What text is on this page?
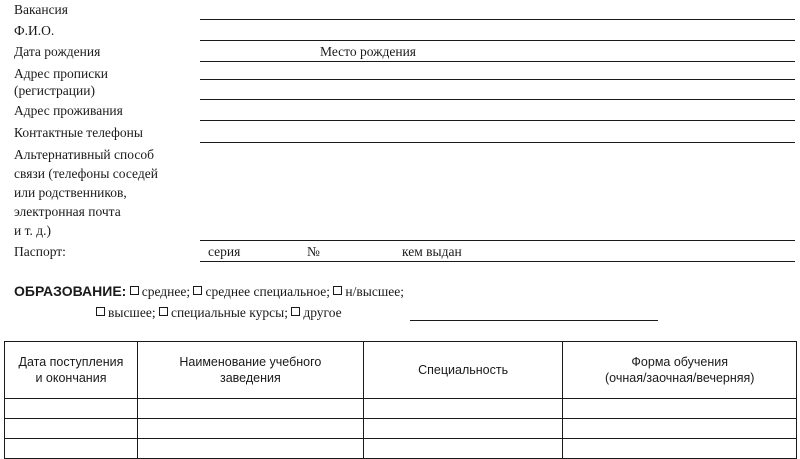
Вакансия
Ф.И.О.
Дата рождения	Место рождения
Адрес прописки
(регистрации)
Адрес проживания
Контактные телефоны
Альтернативный способ
связи (телефоны соседей
или родственников,
электронная почта
и т. д.)
Паспорт:	серия	№	кем выдан
ОБРАЗОВАНИЕ: среднее; среднее специальное; н/высшее;
высшее; специальные курсы; другое
Дата поступления и окончания	Наименование учебного заведения	Специальность	Форма обучения
(очная/заочная/вечерняя)
